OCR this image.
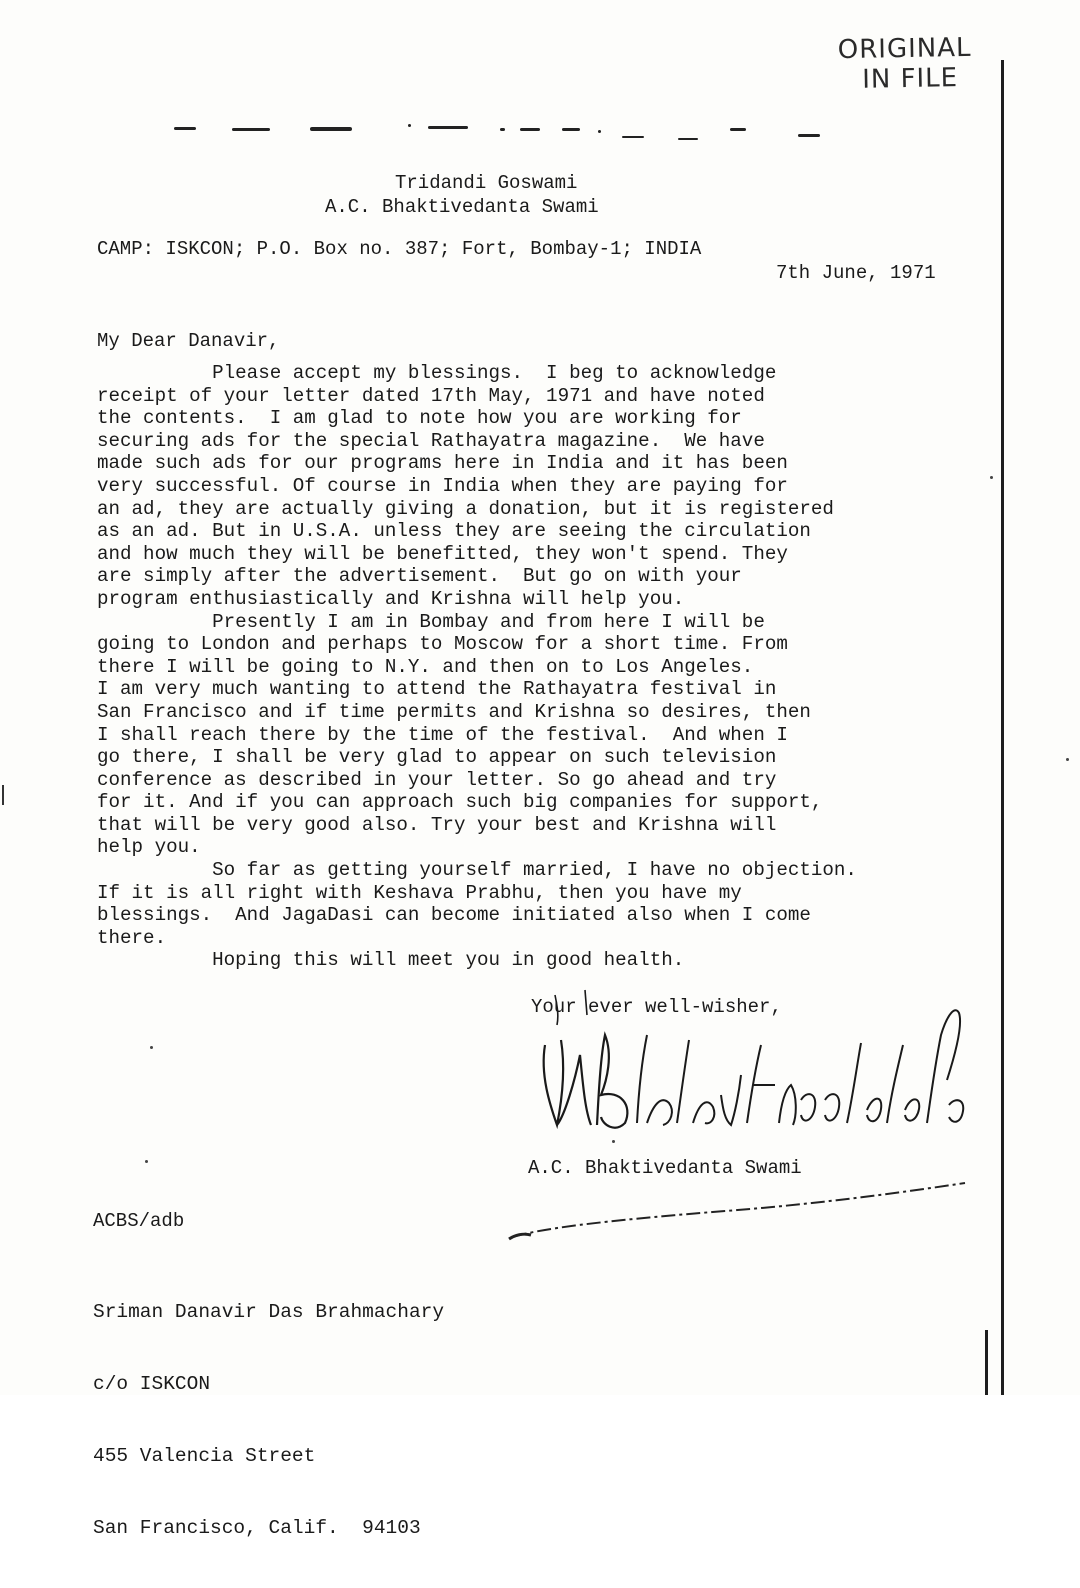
ORIGINAL
IN FILE

Tridandi Goswami

A.C. Bhaktivedanta Swami

CAMP: ISKCON; P.O. Box no. 387; Fort, Bombay-1; INDIA
7th June, 1971
My Dear Danavir,
Please accept my blessings.  I beg to acknowledge
receipt of your letter dated 17th May, 1971 and have noted
the contents.  I am glad to note how you are working for
securing ads for the special Rathayatra magazine.  We have
made such ads for our programs here in India and it has been
very successful. Of course in India when they are paying for
an ad, they are actually giving a donation, but it is registered
as an ad. But in U.S.A. unless they are seeing the circulation
and how much they will be benefitted, they won't spend. They
are simply after the advertisement.  But go on with your
program enthusiastically and Krishna will help you.
Presently I am in Bombay and from here I will be
going to London and perhaps to Moscow for a short time. From
there I will be going to N.Y. and then on to Los Angeles.
I am very much wanting to attend the Rathayatra festival in
San Francisco and if time permits and Krishna so desires, then
I shall reach there by the time of the festival.  And when I
go there, I shall be very glad to appear on such television
conference as described in your letter. So go ahead and try
for it. And if you can approach such big companies for support,
that will be very good also. Try your best and Krishna will
help you.
So far as getting yourself married, I have no objection.
If it is all right with Keshava Prabhu, then you have my
blessings.  And JagaDasi can become initiated also when I come
there.
Hoping this will meet you in good health.
Your ever well-wisher,
A.C. Bhaktivedanta Swami
ACBS/adb

Sriman Danavir Das Brahmachary

c/o ISKCON

455 Valencia Street

San Francisco, Calif.  94103
